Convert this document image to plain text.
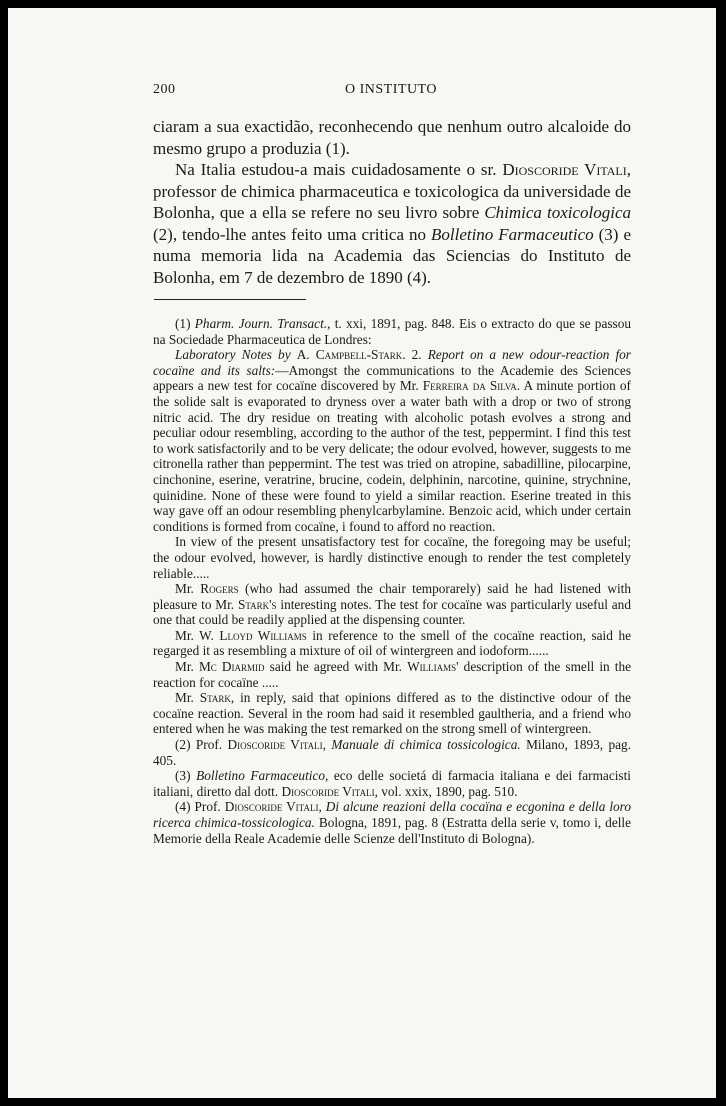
200	O INSTITUTO

ciaram a sua exactidão, reconhecendo que nenhum outro alcaloide do mesmo grupo a produzia (1).

Na Italia estudou-a mais cuidadosamente o sr. Dioscoride Vitali, professor de chimica pharmaceutica e toxicologica da universidade de Bolonha, que a ella se refere no seu livro sobre Chimica toxicologica (2), tendo-lhe antes feito uma critica no Bolletino Farmaceutico (3) e numa memoria lida na Academia das Sciencias do Instituto de Bolonha, em 7 de dezembro de 1890 (4).

(1) Pharm. Journ. Transact., t. xxi, 1891, pag. 848. Eis o extracto do que se passou na Sociedade Pharmaceutica de Londres:

Laboratory Notes by A. Campbell-Stark. 2. Report on a new odour-reaction for cocaïne and its salts:—Amongst the communications to the Academie des Sciences appears a new test for cocaïne discovered by Mr. Ferreira da Silva. A minute portion of the solide salt is evaporated to dryness over a water bath with a drop or two of strong nitric acid. The dry residue on treating with alcoholic potash evolves a strong and peculiar odour resembling, according to the author of the test, peppermint. I find this test to work satisfactorily and to be very delicate; the odour evolved, however, suggests to me citronella rather than peppermint. The test was tried on atropine, sabadilline, pilocarpine, cinchonine, eserine, veratrine, brucine, codein, delphinin, narcotine, quinine, strychnine, quinidine. None of these were found to yield a similar reaction. Eserine treated in this way gave off an odour resembling phenylcarbylamine. Benzoic acid, which under certain conditions is formed from cocaïne, i found to afford no reaction.

In view of the present unsatisfactory test for cocaïne, the foregoing may be useful; the odour evolved, however, is hardly distinctive enough to render the test completely reliable.....

Mr. Rogers (who had assumed the chair temporarely) said he had listened with pleasure to Mr. Stark's interesting notes. The test for cocaïne was particularly useful and one that could be readily applied at the dispensing counter.

Mr. W. Lloyd Williams in reference to the smell of the cocaïne reaction, said he regarged it as resembling a mixture of oil of wintergreen and iodoform......

Mr. Mc Diarmid said he agreed with Mr. Williams' description of the smell in the reaction for cocaïne .....

Mr. Stark, in reply, said that opinions differed as to the distinctive odour of the cocaïne reaction. Several in the room had said it resembled gaultheria, and a friend who entered when he was making the test remarked on the strong smell of wintergreen.

(2) Prof. Dioscoride Vitali, Manuale di chimica tossicologica. Milano, 1893, pag. 405.

(3) Bolletino Farmaceutico, eco delle societá di farmacia italiana e dei farmacisti italiani, diretto dal dott. Dioscoride Vitali, vol. xxix, 1890, pag. 510.

(4) Prof. Dioscoride Vitali, Di alcune reazioni della cocaïna e ecgonina e della loro ricerca chimica-tossicologica. Bologna, 1891, pag. 8 (Estratta della serie v, tomo i, delle Memorie della Reale Academie delle Scienze dell'Instituto di Bologna).
